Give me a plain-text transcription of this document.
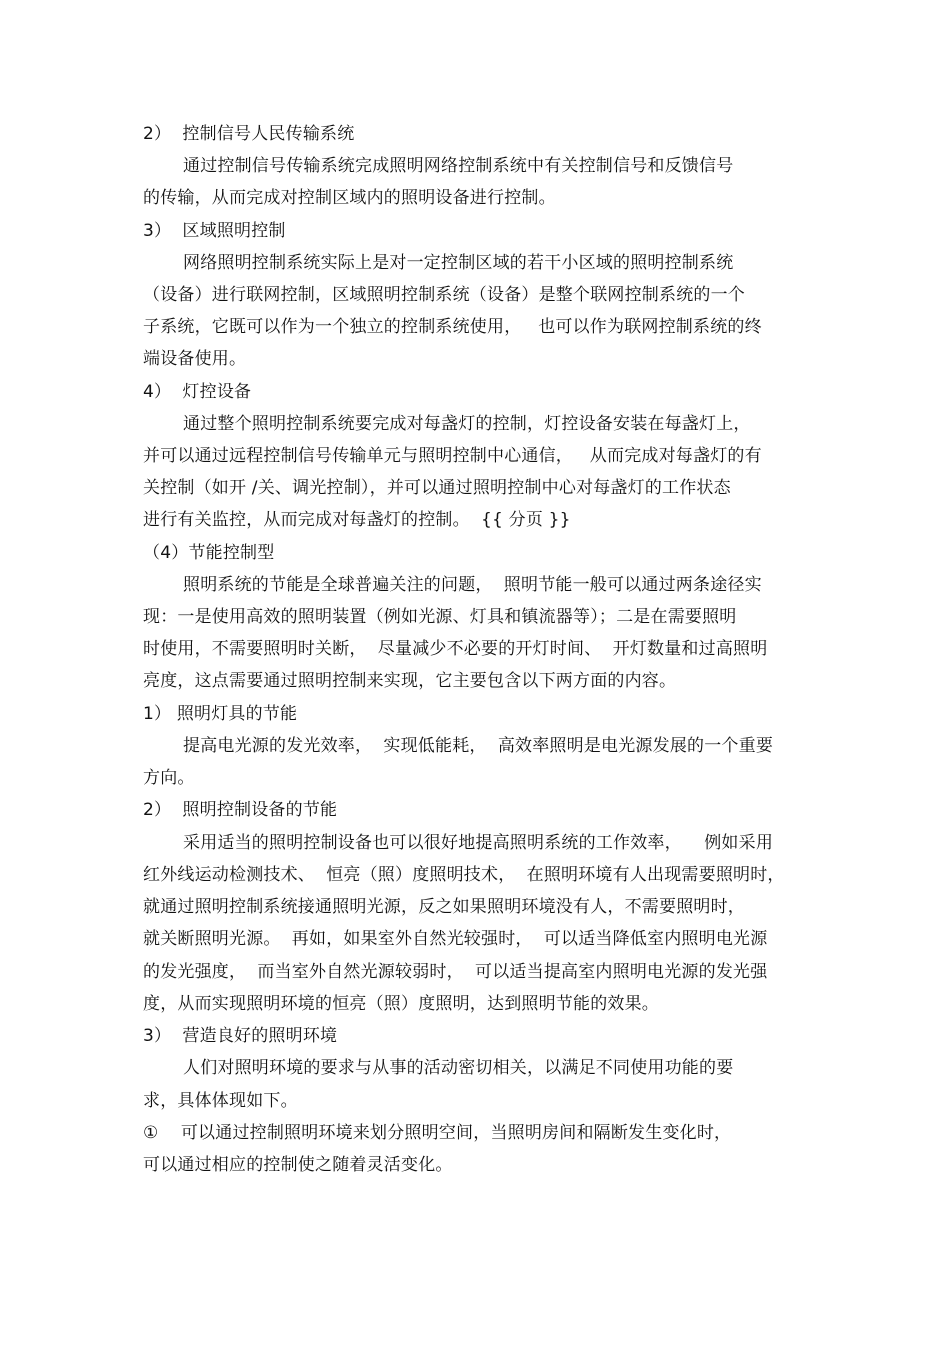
2）  控制信号人民传输系统
通过控制信号传输系统完成照明网络控制系统中有关控制信号和反馈信号
的传输，从而完成对控制区域内的照明设备进行控制。
3）  区域照明控制
网络照明控制系统实际上是对一定控制区域的若干小区域的照明控制系统
（设备）进行联网控制，区域照明控制系统（设备）是整个联网控制系统的一个
子系统，它既可以作为一个独立的控制系统使用，   也可以作为联网控制系统的终
端设备使用。
4）  灯控设备
通过整个照明控制系统要完成对每盏灯的控制，灯控设备安装在每盏灯上，
并可以通过远程控制信号传输单元与照明控制中心通信，   从而完成对每盏灯的有
关控制（如开 /关、调光控制），并可以通过照明控制中心对每盏灯的工作状态
进行有关监控，从而完成对每盏灯的控制。  {{ 分页 }}
（4）节能控制型
照明系统的节能是全球普遍关注的问题，  照明节能一般可以通过两条途径实
现：一是使用高效的照明装置（例如光源、灯具和镇流器等）；二是在需要照明
时使用，不需要照明时关断，  尽量减少不必要的开灯时间、  开灯数量和过高照明
亮度，这点需要通过照明控制来实现，它主要包含以下两方面的内容。
1） 照明灯具的节能
提高电光源的发光效率，  实现低能耗，  高效率照明是电光源发展的一个重要
方向。
2）  照明控制设备的节能
采用适当的照明控制设备也可以很好地提高照明系统的工作效率，    例如采用
红外线运动检测技术、  恒亮（照）度照明技术，  在照明环境有人出现需要照明时，
就通过照明控制系统接通照明光源，反之如果照明环境没有人，不需要照明时，
就关断照明光源。  再如，如果室外自然光较强时，  可以适当降低室内照明电光源
的发光强度，  而当室外自然光源较弱时，  可以适当提高室内照明电光源的发光强
度，从而实现照明环境的恒亮（照）度照明，达到照明节能的效果。
3）  营造良好的照明环境
人们对照明环境的要求与从事的活动密切相关，以满足不同使用功能的要
求，具体体现如下。
①    可以通过控制照明环境来划分照明空间，当照明房间和隔断发生变化时，
可以通过相应的控制使之随着灵活变化。
